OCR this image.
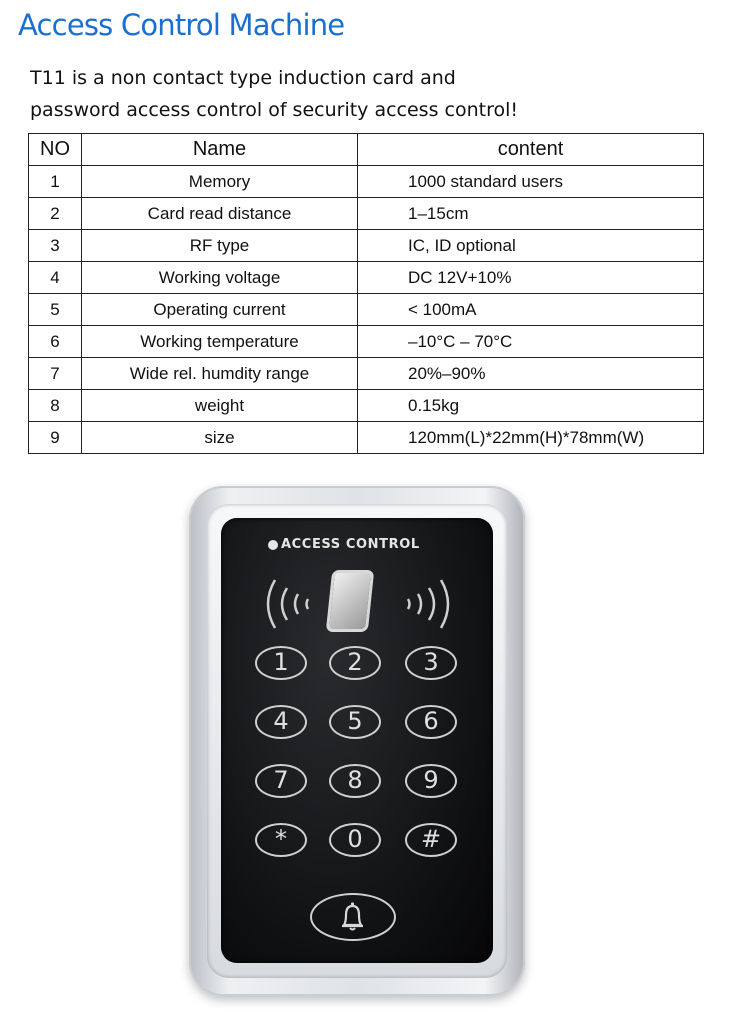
Access Control Machine
T11 is a non contact type induction card and
password access control of security access control!
NO	Name	content
1	Memory	1000 standard users
2	Card read distance	1–15cm
3	RF type	IC, ID optional
4	Working voltage	DC 12V+10%
5	Operating current	< 100mA
6	Working temperature	–10°C – 70°C
7	Wide rel. humdity range	20%–90%
8	weight	0.15kg
9	size	120mm(L)*22mm(H)*78mm(W)
ACCESS CONTROL
1	2	3
4	5	6
7	8	9
*	0	#
